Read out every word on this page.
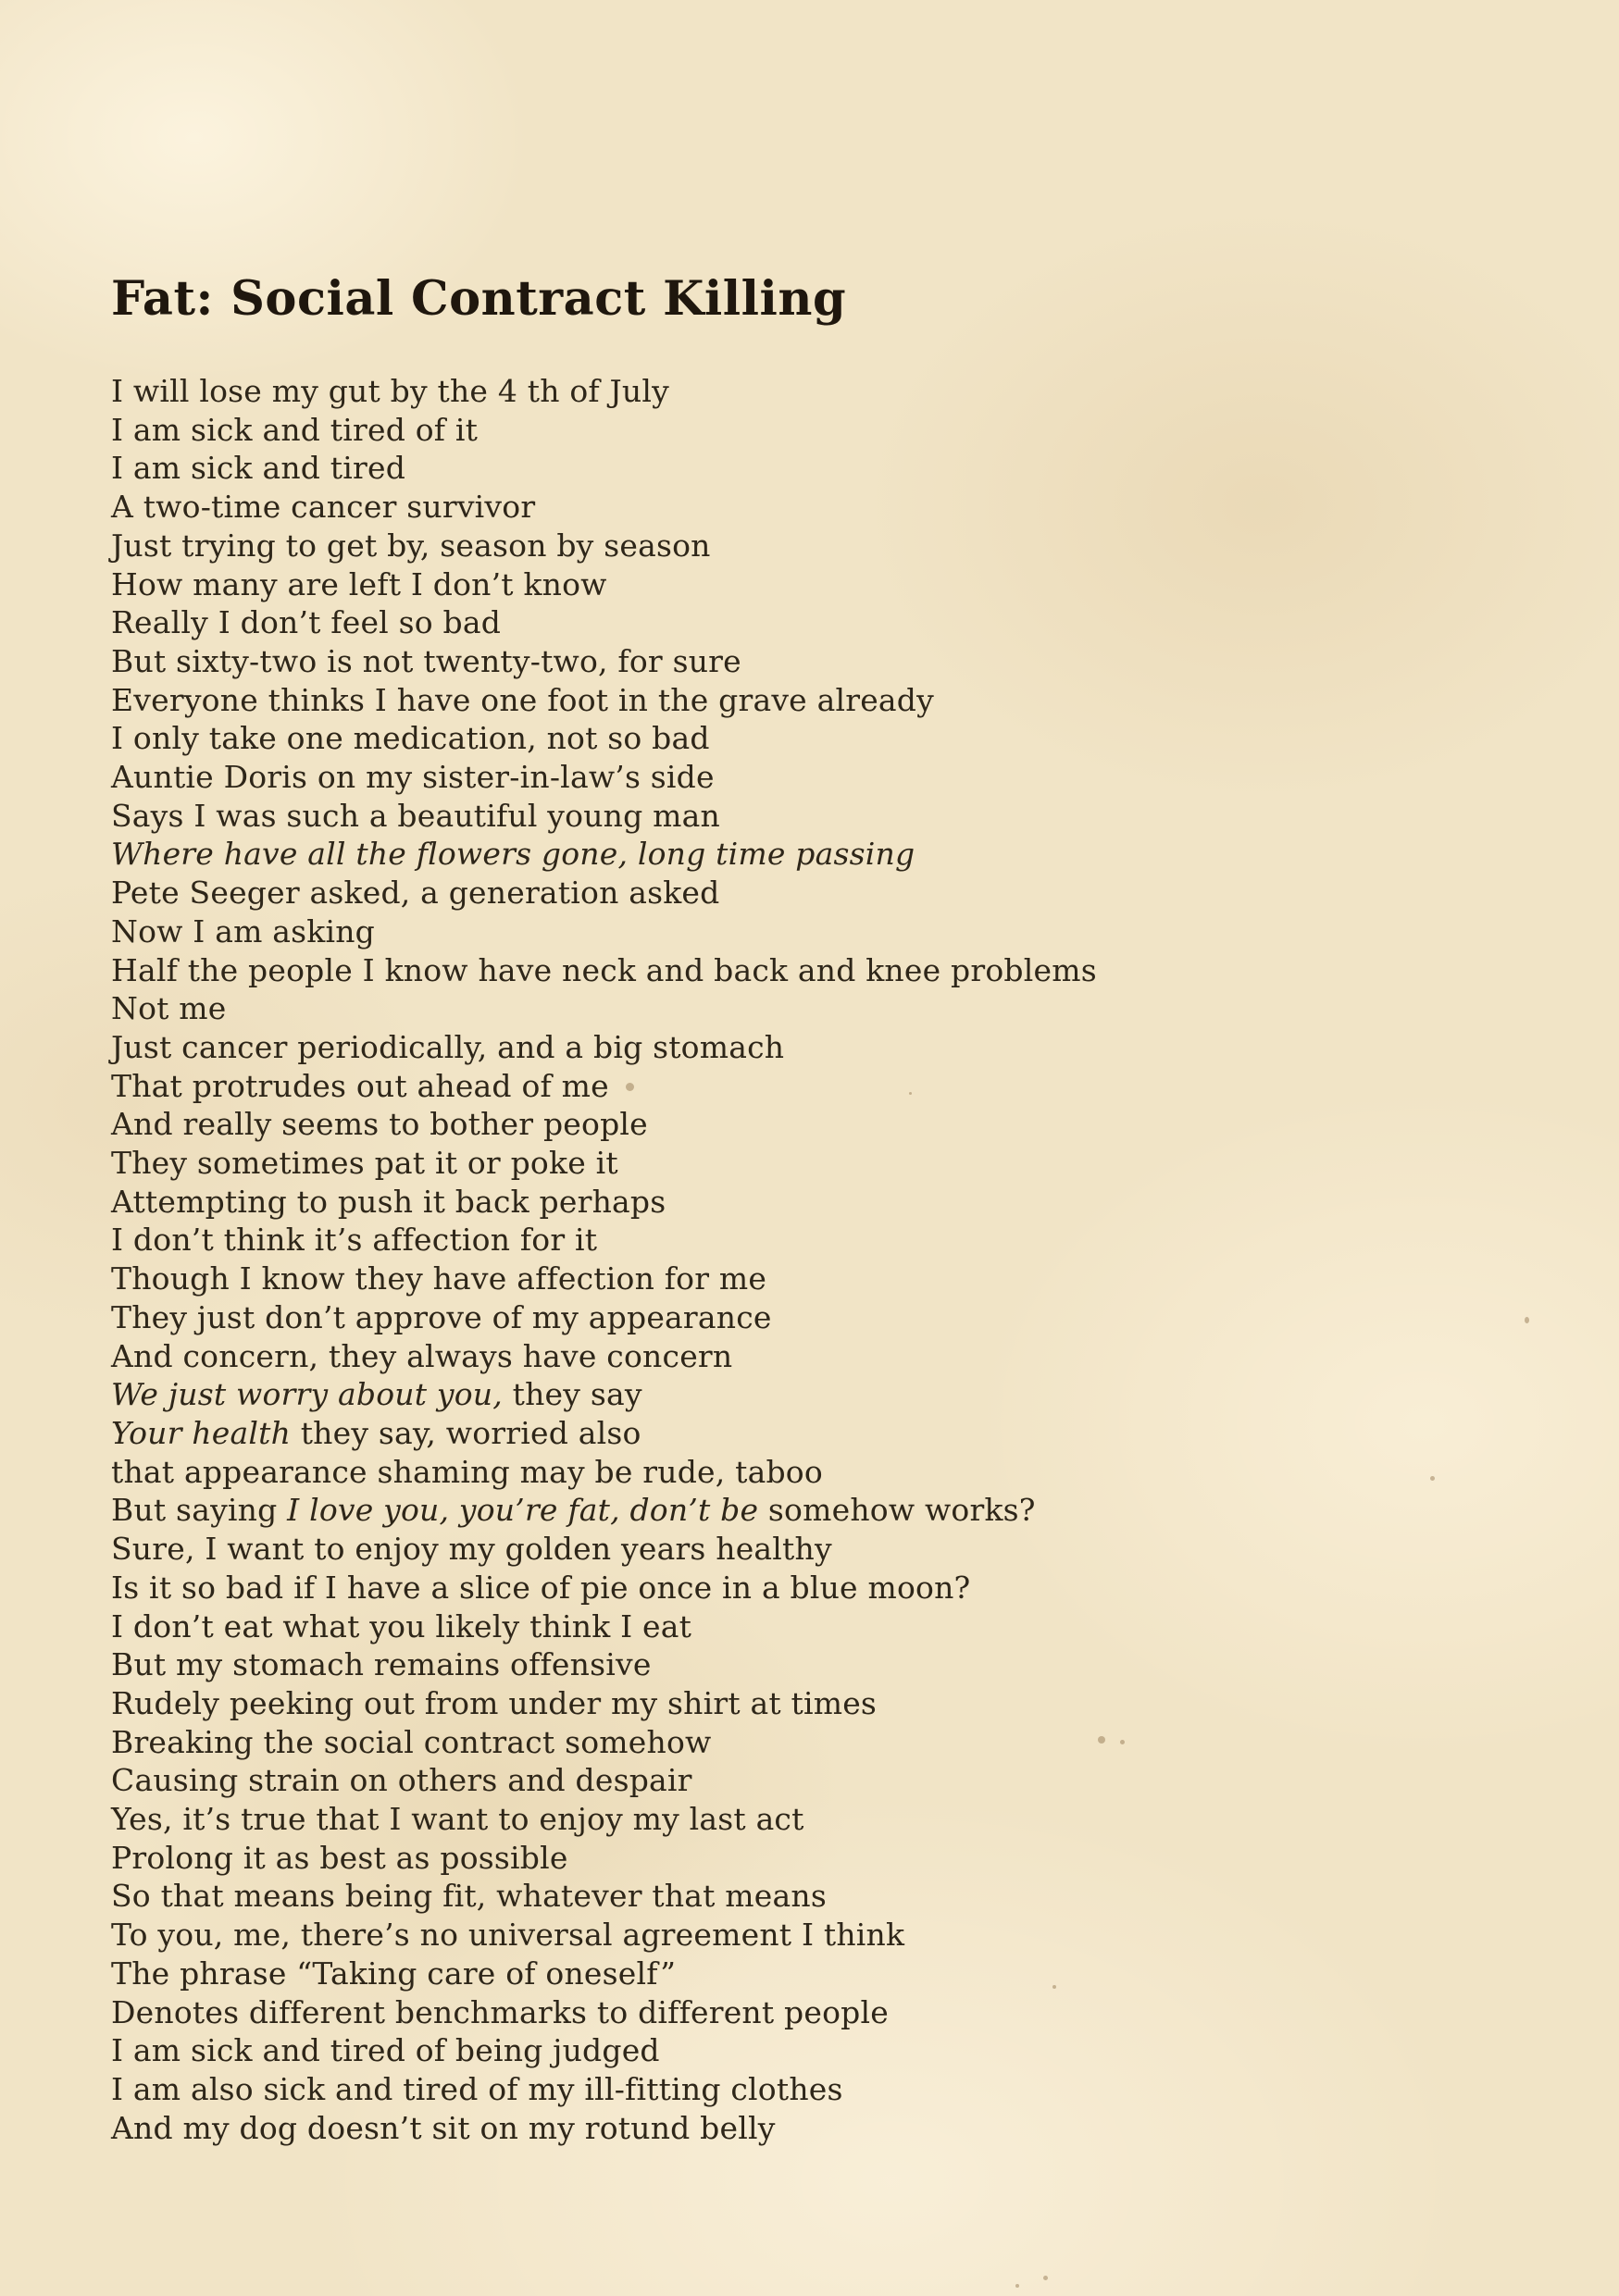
Fat: Social Contract Killing
I will lose my gut by the 4 th of July
I am sick and tired of it
I am sick and tired
A two-time cancer survivor
Just trying to get by, season by season
How many are left I don’t know
Really I don’t feel so bad
But sixty-two is not twenty-two, for sure
Everyone thinks I have one foot in the grave already
I only take one medication, not so bad
Auntie Doris on my sister-in-law’s side
Says I was such a beautiful young man
Where have all the flowers gone, long time passing
Pete Seeger asked, a generation asked
Now I am asking
Half the people I know have neck and back and knee problems
Not me
Just cancer periodically, and a big stomach
That protrudes out ahead of me
And really seems to bother people
They sometimes pat it or poke it
Attempting to push it back perhaps
I don’t think it’s affection for it
Though I know they have affection for me
They just don’t approve of my appearance
And concern, they always have concern
We just worry about you, they say
Your health they say, worried also
that appearance shaming may be rude, taboo
But saying I love you, you’re fat, don’t be somehow works?
Sure, I want to enjoy my golden years healthy
Is it so bad if I have a slice of pie once in a blue moon?
I don’t eat what you likely think I eat
But my stomach remains offensive
Rudely peeking out from under my shirt at times
Breaking the social contract somehow
Causing strain on others and despair
Yes, it’s true that I want to enjoy my last act
Prolong it as best as possible
So that means being fit, whatever that means
To you, me, there’s no universal agreement I think
The phrase “Taking care of oneself”
Denotes different benchmarks to different people
I am sick and tired of being judged
I am also sick and tired of my ill-fitting clothes
And my dog doesn’t sit on my rotund belly
